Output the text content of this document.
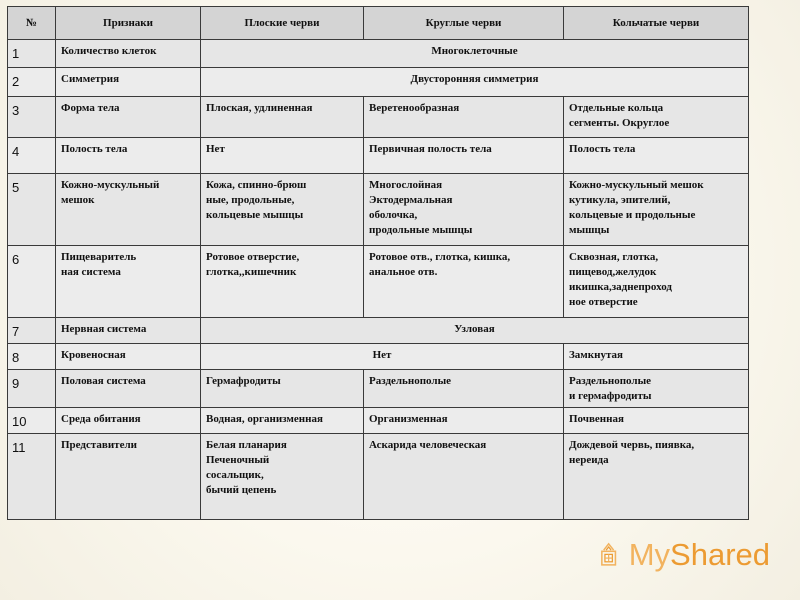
№	Признаки	Плоские черви	Круглые черви	Кольчатые черви
1	Количество клеток	Многоклеточные		
2	Симметрия	Двусторонняя симметрия		
3	Форма тела	Плоская, удлиненная	Веретенообразная	Отдельные кольца
сегменты. Округлое
4	Полость тела	Нет	Первичная полость тела	Полость тела
5	Кожно-мускульный
мешок	Кожа, спинно-брюш
ные, продольные,
кольцевые мышцы	Многослойная
Эктодермальная
оболочка,
продольные мышцы	Кожно-мускульный мешок
кутикула, эпителий,
кольцевые и продольные
мышцы
6	Пищеваритель
ная система	Ротовое отверстие,
глотка,,кишечник	Ротовое отв., глотка, кишка,
анальное отв.	Сквозная, глотка,
пищевод,желудок
икишка,заднепроход
ное отверстие
7	Нервная система	Узловая		
8	Кровеносная	Нет		Замкнутая
9	Половая система	Гермафродиты	Раздельнополые	Раздельнополые
и гермафродиты
10	Среда обитания	Водная, организменная	Организменная	Почвенная
11	Представители	Белая планария
Печеночный
сосальщик,
бычий цепень	Аскарида человеческая	Дождевой червь, пиявка,
нереида
MyShared
